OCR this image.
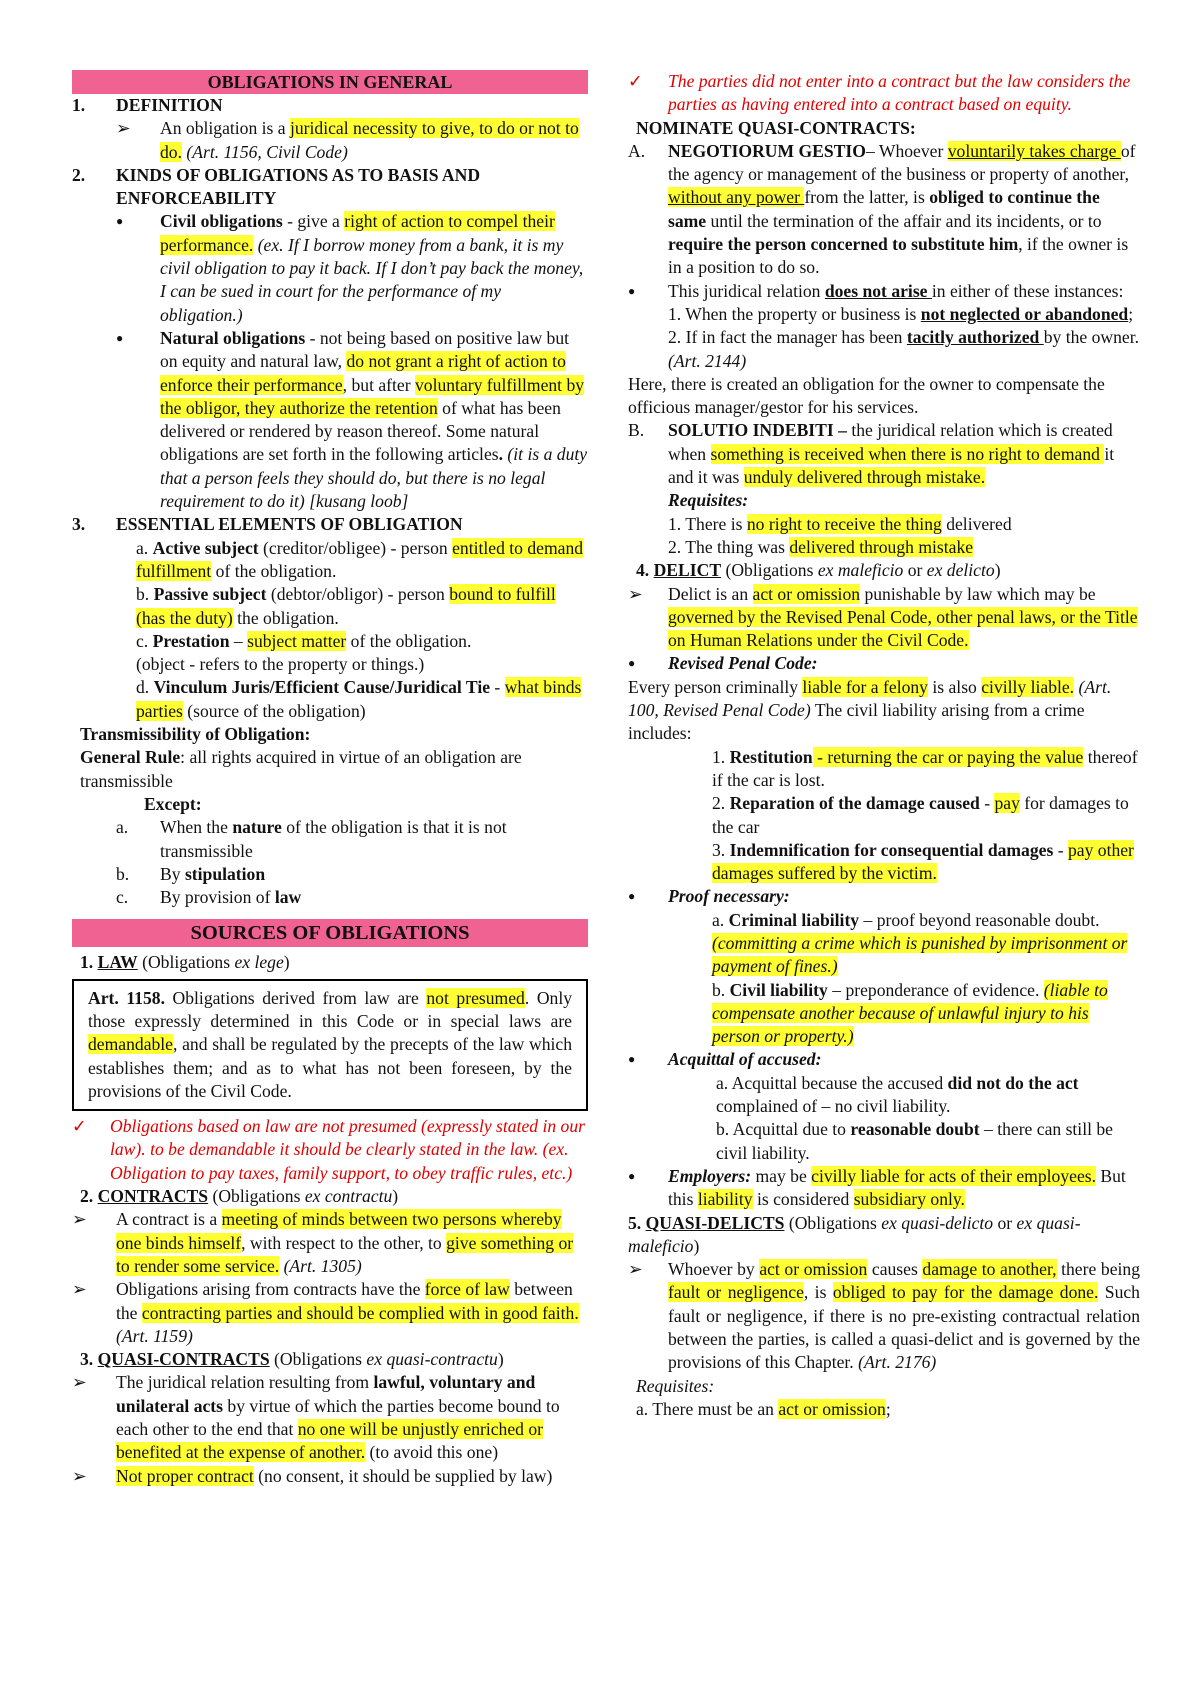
OBLIGATIONS IN GENERAL

1. DEFINITION

➢ An obligation is a juridical necessity to give, to do or not to do. (Art. 1156, Civil Code)

2. KINDS OF OBLIGATIONS AS TO BASIS AND ENFORCEABILITY

● Civil obligations - give a right of action to compel their performance. (ex. If I borrow money from a bank, it is my civil obligation to pay it back. If I don’t pay back the money, I can be sued in court for the performance of my obligation.)

● Natural obligations - not being based on positive law but on equity and natural law, do not grant a right of action to enforce their performance, but after voluntary fulfillment by the obligor, they authorize the retention of what has been delivered or rendered by reason thereof. Some natural obligations are set forth in the following articles. (it is a duty that a person feels they should do, but there is no legal requirement to do it) [kusang loob]

3. ESSENTIAL ELEMENTS OF OBLIGATION

a. Active subject (creditor/obligee) - person entitled to demand fulfillment of the obligation.

b. Passive subject (debtor/obligor) - person bound to fulfill (has the duty) the obligation.

c. Prestation – subject matter of the obligation.

(object - refers to the property or things.)

d. Vinculum Juris/Efficient Cause/Juridical Tie - what binds parties (source of the obligation)

Transmissibility of Obligation:

General Rule: all rights acquired in virtue of an obligation are transmissible

Except:

a. When the nature of the obligation is that it is not transmissible

b. By stipulation

c. By provision of law

SOURCES OF OBLIGATIONS

1. LAW (Obligations ex lege)

Art. 1158. Obligations derived from law are not presumed. Only those expressly determined in this Code or in special laws are demandable, and shall be regulated by the precepts of the law which establishes them; and as to what has not been foreseen, by the provisions of the Civil Code.

✓ Obligations based on law are not presumed (expressly stated in our law). to be demandable it should be clearly stated in the law. (ex. Obligation to pay taxes, family support, to obey traffic rules, etc.)

2. CONTRACTS (Obligations ex contractu)

➢ A contract is a meeting of minds between two persons whereby one binds himself, with respect to the other, to give something or to render some service. (Art. 1305)

➢ Obligations arising from contracts have the force of law between the contracting parties and should be complied with in good faith. (Art. 1159)

3. QUASI-CONTRACTS (Obligations ex quasi-contractu)

➢ The juridical relation resulting from lawful, voluntary and unilateral acts by virtue of which the parties become bound to each other to the end that no one will be unjustly enriched or benefited at the expense of another. (to avoid this one)

➢ Not proper contract (no consent, it should be supplied by law)

✓ The parties did not enter into a contract but the law considers the parties as having entered into a contract based on equity.

NOMINATE QUASI-CONTRACTS:

A. NEGOTIORUM GESTIO– Whoever voluntarily takes charge of the agency or management of the business or property of another, without any power from the latter, is obliged to continue the same until the termination of the affair and its incidents, or to require the person concerned to substitute him, if the owner is in a position to do so.

● This juridical relation does not arise in either of these instances:

1. When the property or business is not neglected or abandoned;

2. If in fact the manager has been tacitly authorized by the owner. (Art. 2144)

Here, there is created an obligation for the owner to compensate the officious manager/gestor for his services.

B. SOLUTIO INDEBITI – the juridical relation which is created when something is received when there is no right to demand it and it was unduly delivered through mistake.

Requisites:

1. There is no right to receive the thing delivered

2. The thing was delivered through mistake

4. DELICT (Obligations ex maleficio or ex delicto)

➢ Delict is an act or omission punishable by law which may be governed by the Revised Penal Code, other penal laws, or the Title on Human Relations under the Civil Code.

● Revised Penal Code:

Every person criminally liable for a felony is also civilly liable. (Art. 100, Revised Penal Code) The civil liability arising from a crime includes:

1. Restitution - returning the car or paying the value thereof if the car is lost.

2. Reparation of the damage caused - pay for damages to the car

3. Indemnification for consequential damages - pay other damages suffered by the victim.

● Proof necessary:

a. Criminal liability – proof beyond reasonable doubt. (committing a crime which is punished by imprisonment or payment of fines.)

b. Civil liability – preponderance of evidence. (liable to compensate another because of unlawful injury to his person or property.)

● Acquittal of accused:

a. Acquittal because the accused did not do the act complained of – no civil liability.

b. Acquittal due to reasonable doubt – there can still be civil liability.

● Employers: may be civilly liable for acts of their employees. But this liability is considered subsidiary only.

5. QUASI-DELICTS (Obligations ex quasi-delicto or ex quasi-maleficio)

➢ Whoever by act or omission causes damage to another, there being fault or negligence, is obliged to pay for the damage done. Such fault or negligence, if there is no pre-existing contractual relation between the parties, is called a quasi-delict and is governed by the provisions of this Chapter. (Art. 2176)

Requisites:

a. There must be an act or omission;
